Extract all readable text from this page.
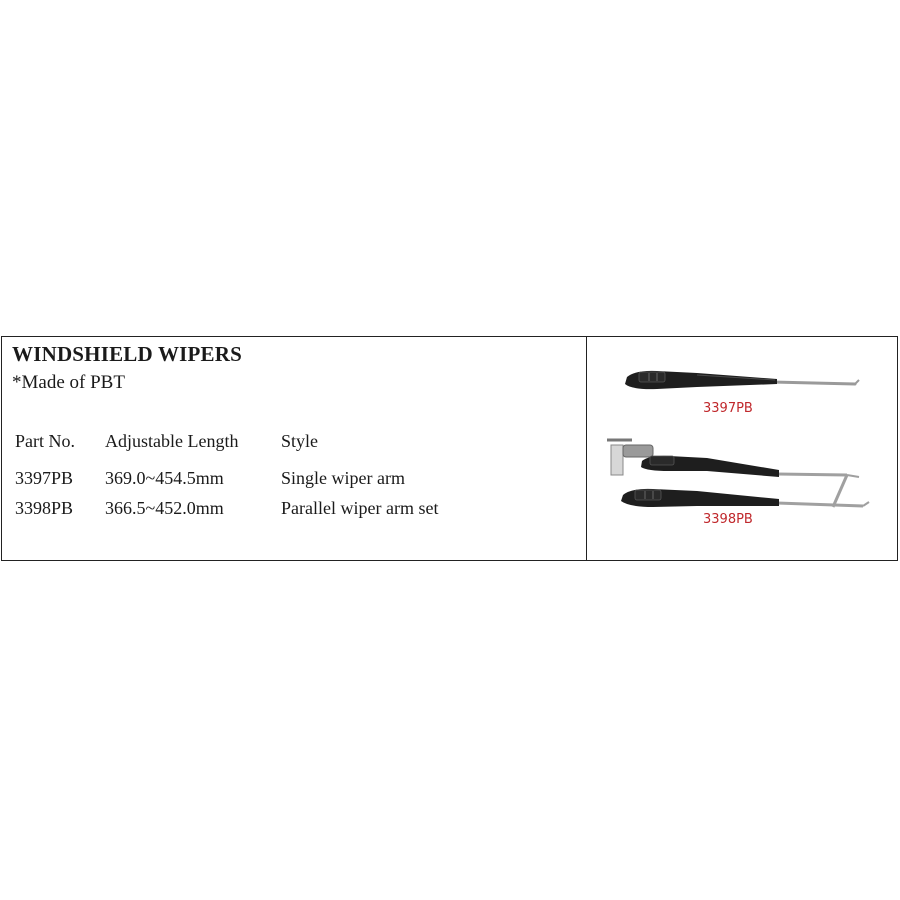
WINDSHIELD WIPERS
*Made of PBT
Part No. Adjustable Length Style
3397PB 369.0~454.5mm	Single wiper arm
3398PB 366.5~452.0mm	Parallel wiper arm set
3397PB
3398PB
